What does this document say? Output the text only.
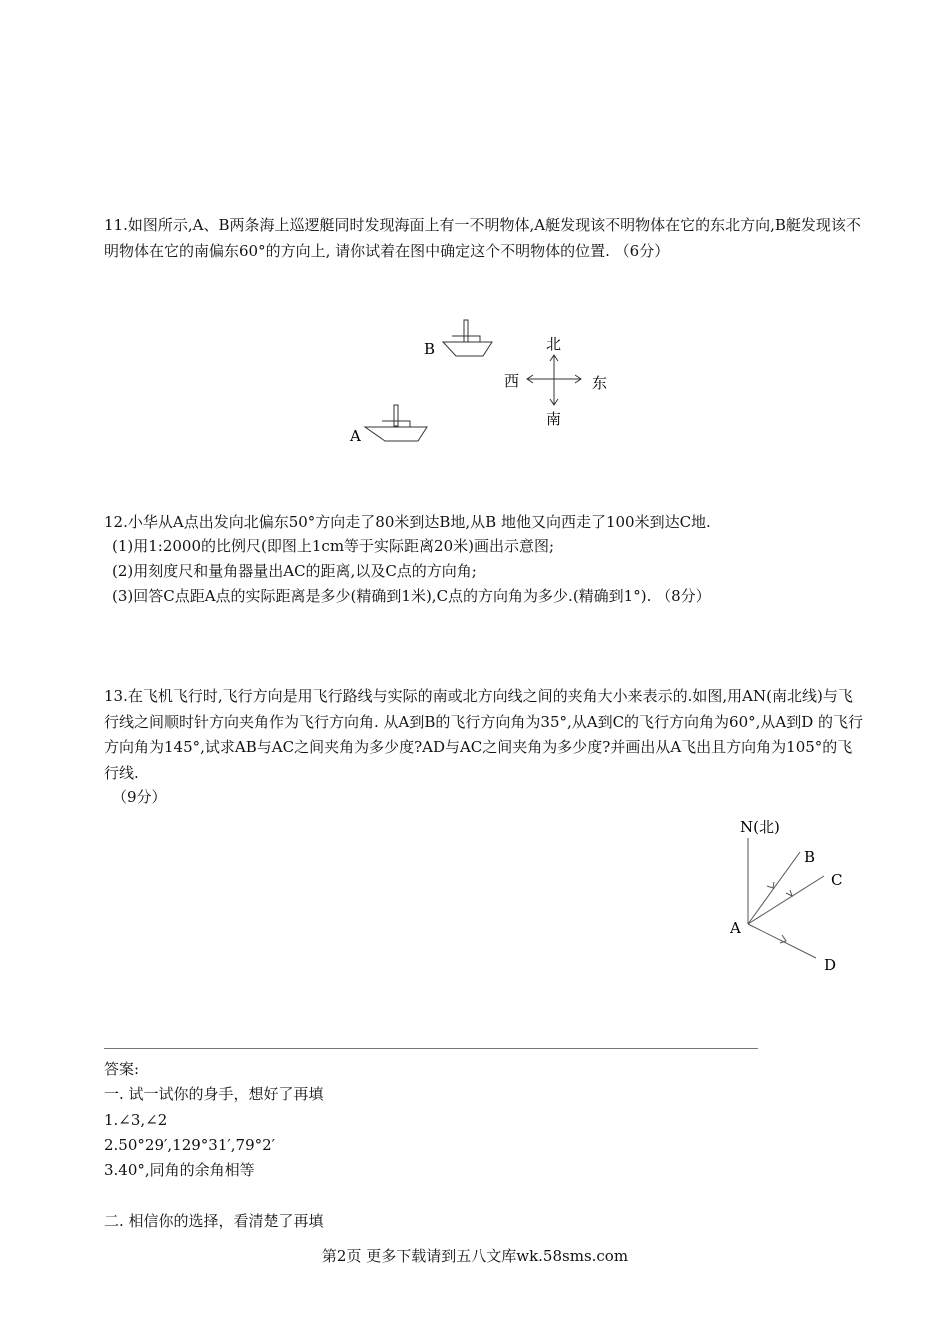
11.如图所示,A、B两条海上巡逻艇同时发现海面上有一不明物体,A艇发现该不明物体在它的东北方向,B艇发现该不明物体在它的南偏东60°的方向上, 请你试着在图中确定这个不明物体的位置. （6分）
B
A
北
南
西	东
12.小华从A点出发向北偏东50°方向走了80米到达B地,从B 地他又向西走了100米到达C地.
(1)用1:2000的比例尺(即图上1cm等于实际距离20米)画出示意图;
(2)用刻度尺和量角器量出AC的距离,以及C点的方向角;
(3)回答C点距A点的实际距离是多少(精确到1米),C点的方向角为多少.(精确到1°). （8分）
13.在飞机飞行时,飞行方向是用飞行路线与实际的南或北方向线之间的夹角大小来表示的.如图,用AN(南北线)与飞行线之间顺时针方向夹角作为飞行方向角. 从A到B的飞行方向角为35°,从A到C的飞行方向角为60°,从A到D 的飞行方向角为145°,试求AB与AC之间夹角为多少度?AD与AC之间夹角为多少度?并画出从A飞出且方向角为105°的飞行线.
（9分）
N(北)
A
B
C
D
答案:
一. 试一试你的身手，想好了再填
1.∠3,∠2
2.50°29′,129°31′,79°2′
3.40°,同角的余角相等
二. 相信你的选择，看清楚了再填
第2页 更多下载请到五八文库wk.58sms.com
